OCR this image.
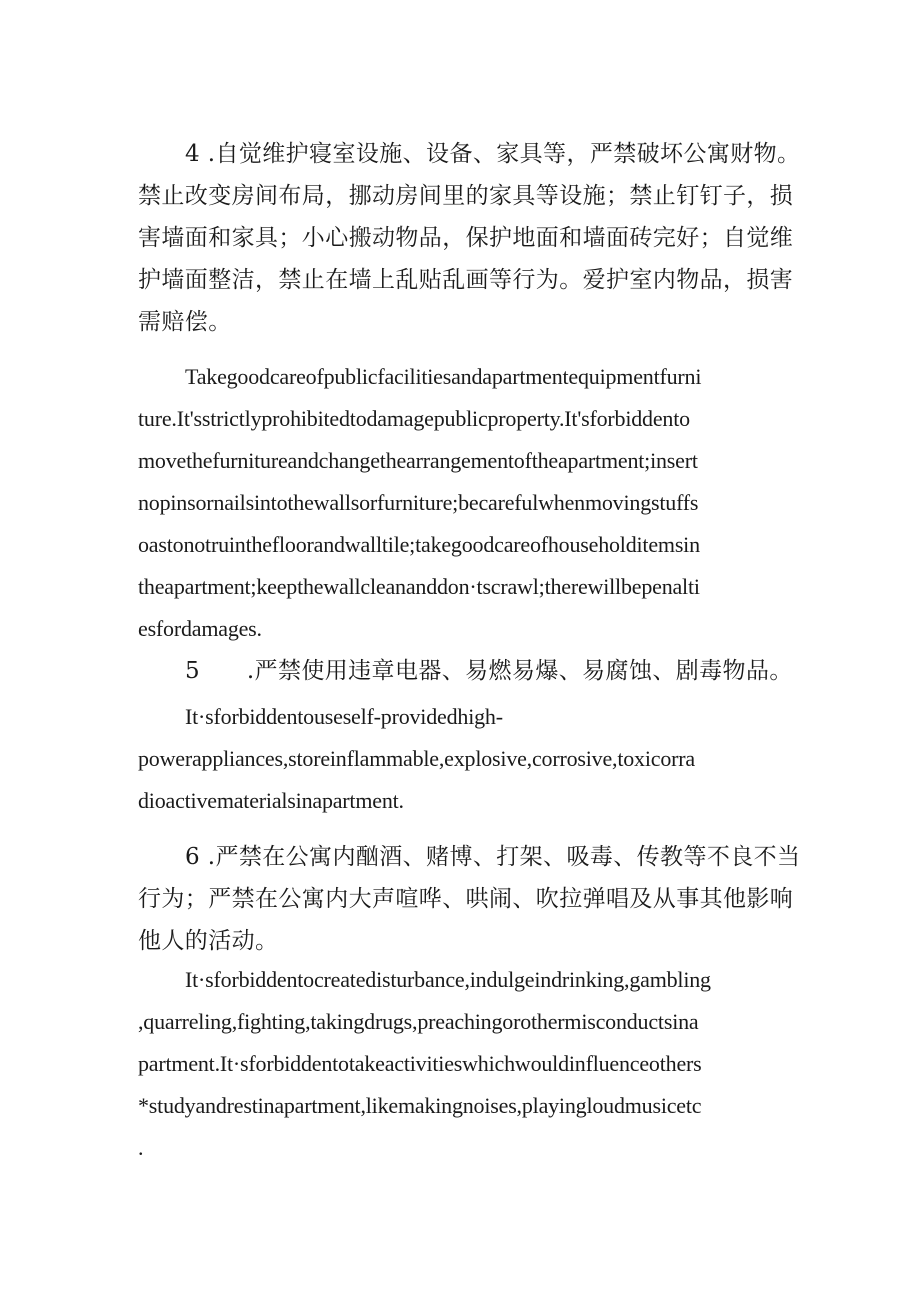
4 .自觉维护寝室设施、设备、家具等，严禁破坏公寓财物。
禁止改变房间布局，挪动房间里的家具等设施；禁止钉钉子，损
害墙面和家具；小心搬动物品，保护地面和墙面砖完好；自觉维
护墙面整洁，禁止在墙上乱贴乱画等行为。爱护室内物品，损害
需赔偿。
Takegoodcareofpublicfacilitiesandapartmentequipmentfurni
ture.It'sstrictlyprohibitedtodamagepublicproperty.It'sforbiddento
movethefurnitureandchangethearrangementoftheapartment;insert
nopinsornailsintothewallsorfurniture;becarefulwhenmovingstuffs
oastonotruinthefloorandwalltile;takegoodcareofhouseholditemsin
theapartment;keepthewallcleananddon·tscrawl;therewillbepenalti
esfordamages.
5　　.严禁使用违章电器、易燃易爆、易腐蚀、剧毒物品。
It·sforbiddentouseself-providedhigh-
powerappliances,storeinflammable,explosive,corrosive,toxicorra
dioactivematerialsinapartment.
6 .严禁在公寓内酗酒、赌博、打架、吸毒、传教等不良不当
行为；严禁在公寓内大声喧哗、哄闹、吹拉弹唱及从事其他影响
他人的活动。
It·sforbiddentocreatedisturbance,indulgeindrinking,gambling
,quarreling,fighting,takingdrugs,preachingorothermisconductsina
partment.It·sforbiddentotakeactivitieswhichwouldinfluenceothers
*studyandrestinapartment,likemakingnoises,playingloudmusicetc
.
